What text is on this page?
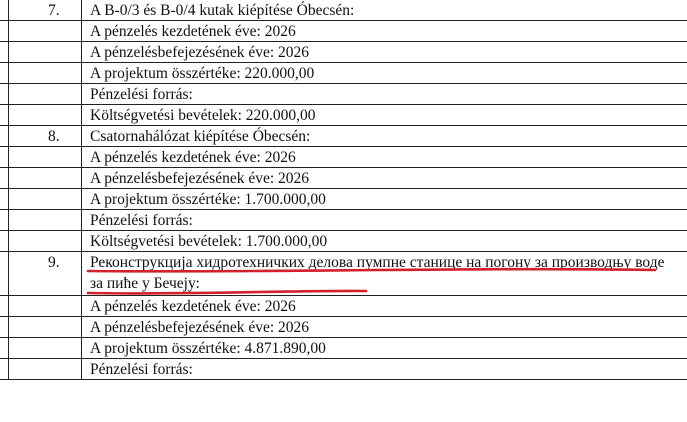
7. A B-0/3 és B-0/4 kutak kiépítése Óbecsén:
A pénzelés kezdetének éve: 2026
A pénzelésbefejezésének éve: 2026
A projektum összértéke: 220.000,00
Pénzelési forrás:
Költségvetési bevételek: 220.000,00
8. Csatornahálózat kiépítése Óbecsén:
A pénzelés kezdetének éve: 2026
A pénzelésbefejezésének éve: 2026
A projektum összértéke: 1.700.000,00
Pénzelési forrás:
Költségvetési bevételek: 1.700.000,00
9. Реконструкција хидротехничких делова пумпне станице на погону за производњу воде за пиће у Бечеју:
A pénzelés kezdetének éve: 2026
A pénzelésbefejezésének éve: 2026
A projektum összértéke: 4.871.890,00
Pénzelési forrás:
